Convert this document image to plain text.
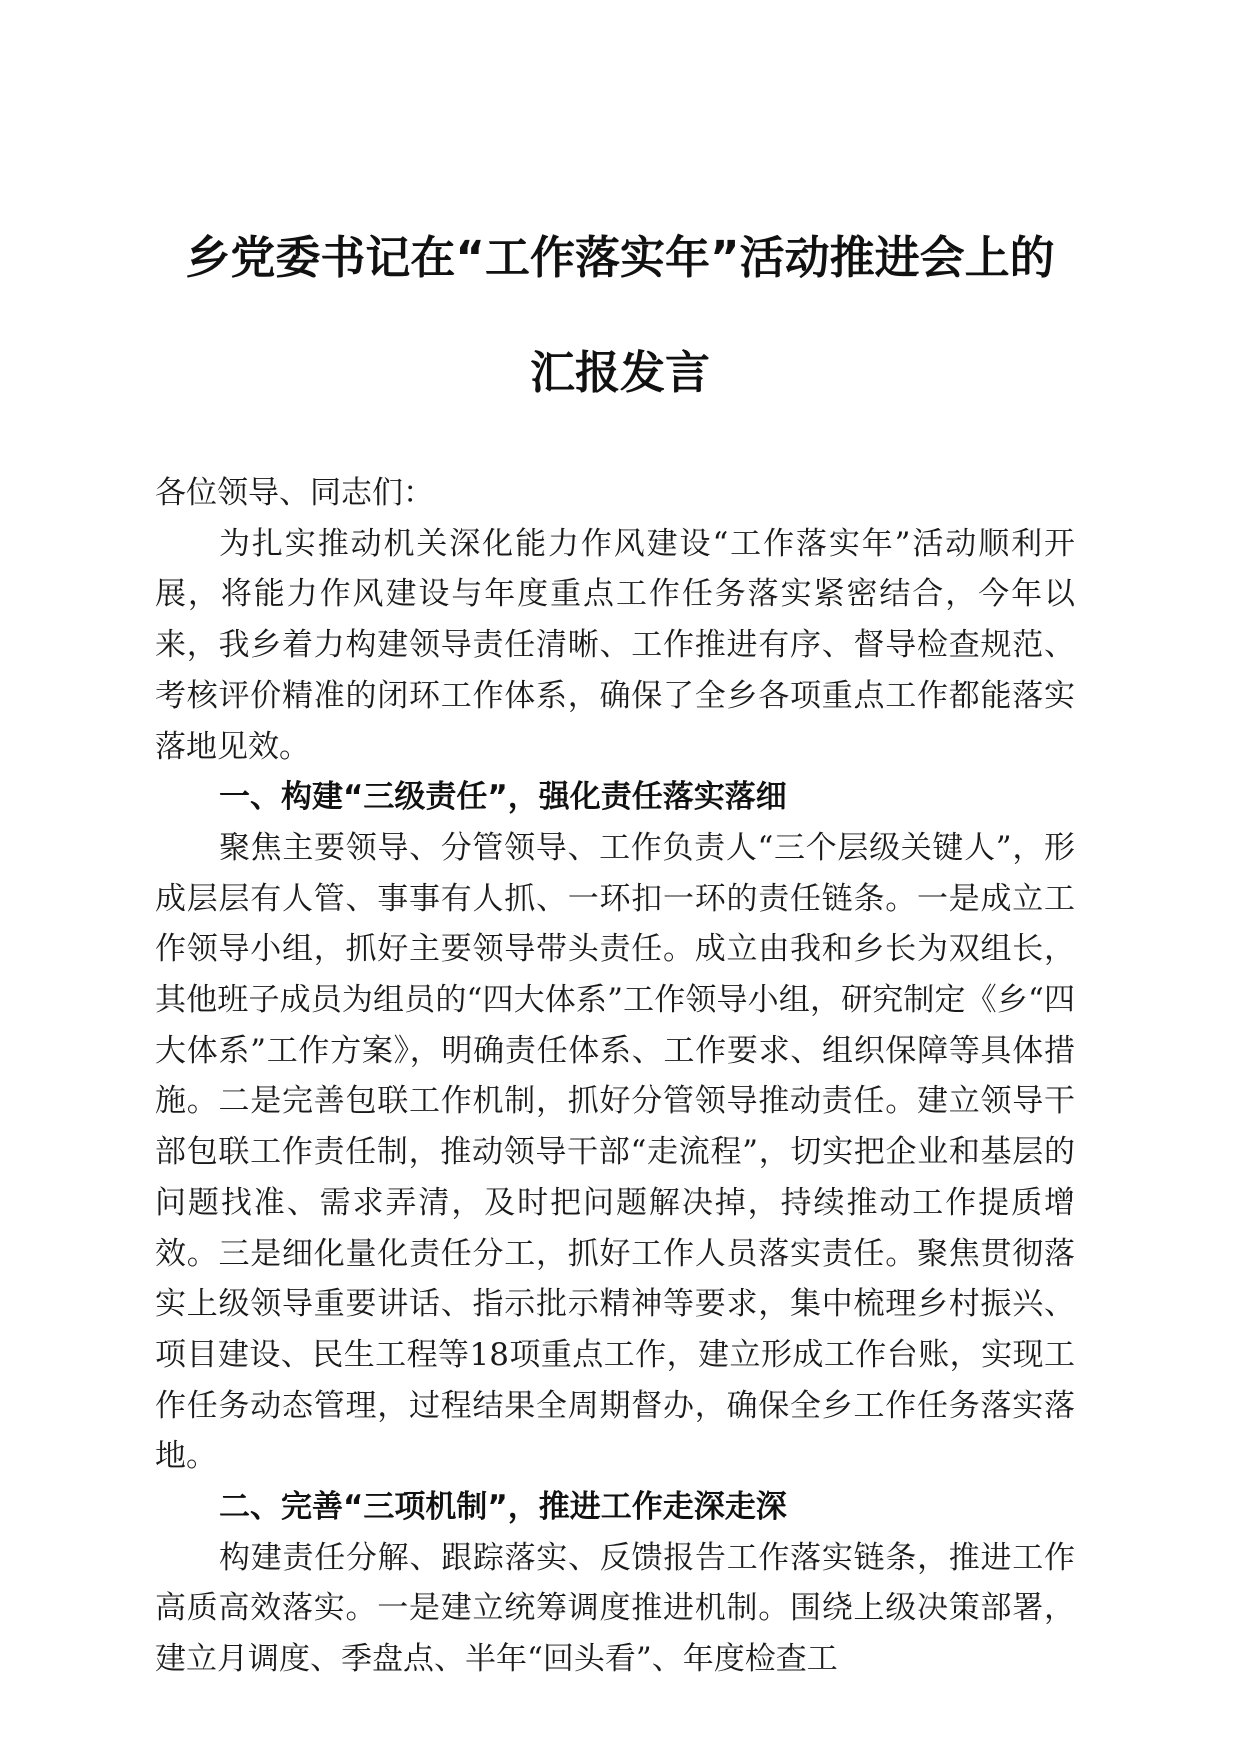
乡党委书记在“工作落实年”活动推进会上的
汇报发言

各位领导、同志们：

为扎实推动机关深化能力作风建设“工作落实年”活动顺利开展，将能力作风建设与年度重点工作任务落实紧密结合，今年以来，我乡着力构建领导责任清晰、工作推进有序、督导检查规范、考核评价精准的闭环工作体系，确保了全乡各项重点工作都能落实落地见效。

一、构建“三级责任”，强化责任落实落细

聚焦主要领导、分管领导、工作负责人“三个层级关键人”，形成层层有人管、事事有人抓、一环扣一环的责任链条。一是成立工作领导小组，抓好主要领导带头责任。成立由我和乡长为双组长，其他班子成员为组员的“四大体系”工作领导小组，研究制定《乡“四大体系”工作方案》，明确责任体系、工作要求、组织保障等具体措施。二是完善包联工作机制，抓好分管领导推动责任。建立领导干部包联工作责任制，推动领导干部“走流程”，切实把企业和基层的问题找准、需求弄清，及时把问题解决掉，持续推动工作提质增效。三是细化量化责任分工，抓好工作人员落实责任。聚焦贯彻落实上级领导重要讲话、指示批示精神等要求，集中梳理乡村振兴、项目建设、民生工程等18项重点工作，建立形成工作台账，实现工作任务动态管理，过程结果全周期督办，确保全乡工作任务落实落地。

二、完善“三项机制”，推进工作走深走深

构建责任分解、跟踪落实、反馈报告工作落实链条，推进工作高质高效落实。一是建立统筹调度推进机制。围绕上级决策部署，建立月调度、季盘点、半年“回头看”、年度检查工
